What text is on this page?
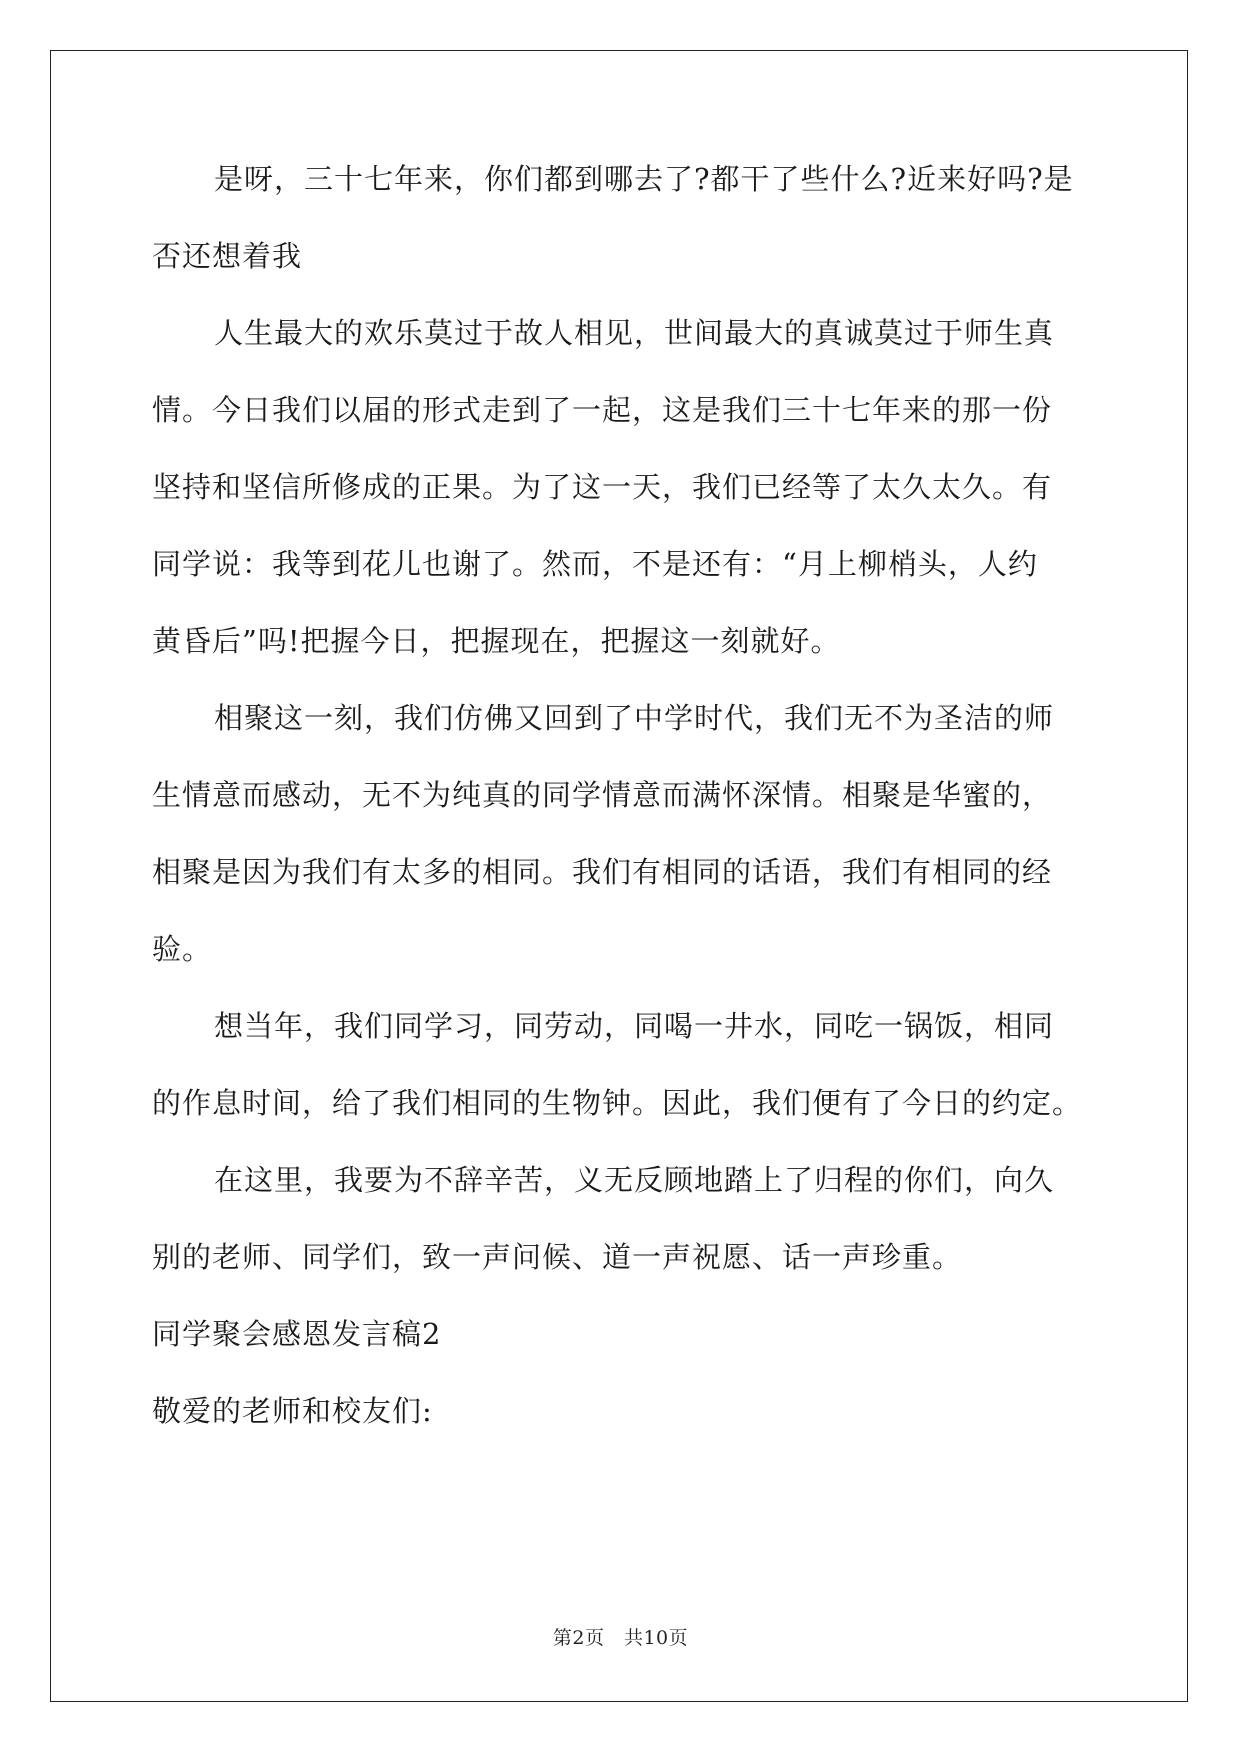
是呀，三十七年来，你们都到哪去了?都干了些什么?近来好吗?是

否还想着我

人生最大的欢乐莫过于故人相见，世间最大的真诚莫过于师生真

情。今日我们以届的形式走到了一起，这是我们三十七年来的那一份

坚持和坚信所修成的正果。为了这一天，我们已经等了太久太久。有

同学说：我等到花儿也谢了。然而，不是还有：“月上柳梢头，人约

黄昏后”吗!把握今日，把握现在，把握这一刻就好。

相聚这一刻，我们仿佛又回到了中学时代，我们无不为圣洁的师

生情意而感动，无不为纯真的同学情意而满怀深情。相聚是华蜜的，

相聚是因为我们有太多的相同。我们有相同的话语，我们有相同的经

验。

想当年，我们同学习，同劳动，同喝一井水，同吃一锅饭，相同

的作息时间，给了我们相同的生物钟。因此，我们便有了今日的约定。

在这里，我要为不辞辛苦，义无反顾地踏上了归程的你们，向久

别的老师、同学们，致一声问候、道一声祝愿、话一声珍重。

同学聚会感恩发言稿2

敬爱的老师和校友们:

第2页　共10页
